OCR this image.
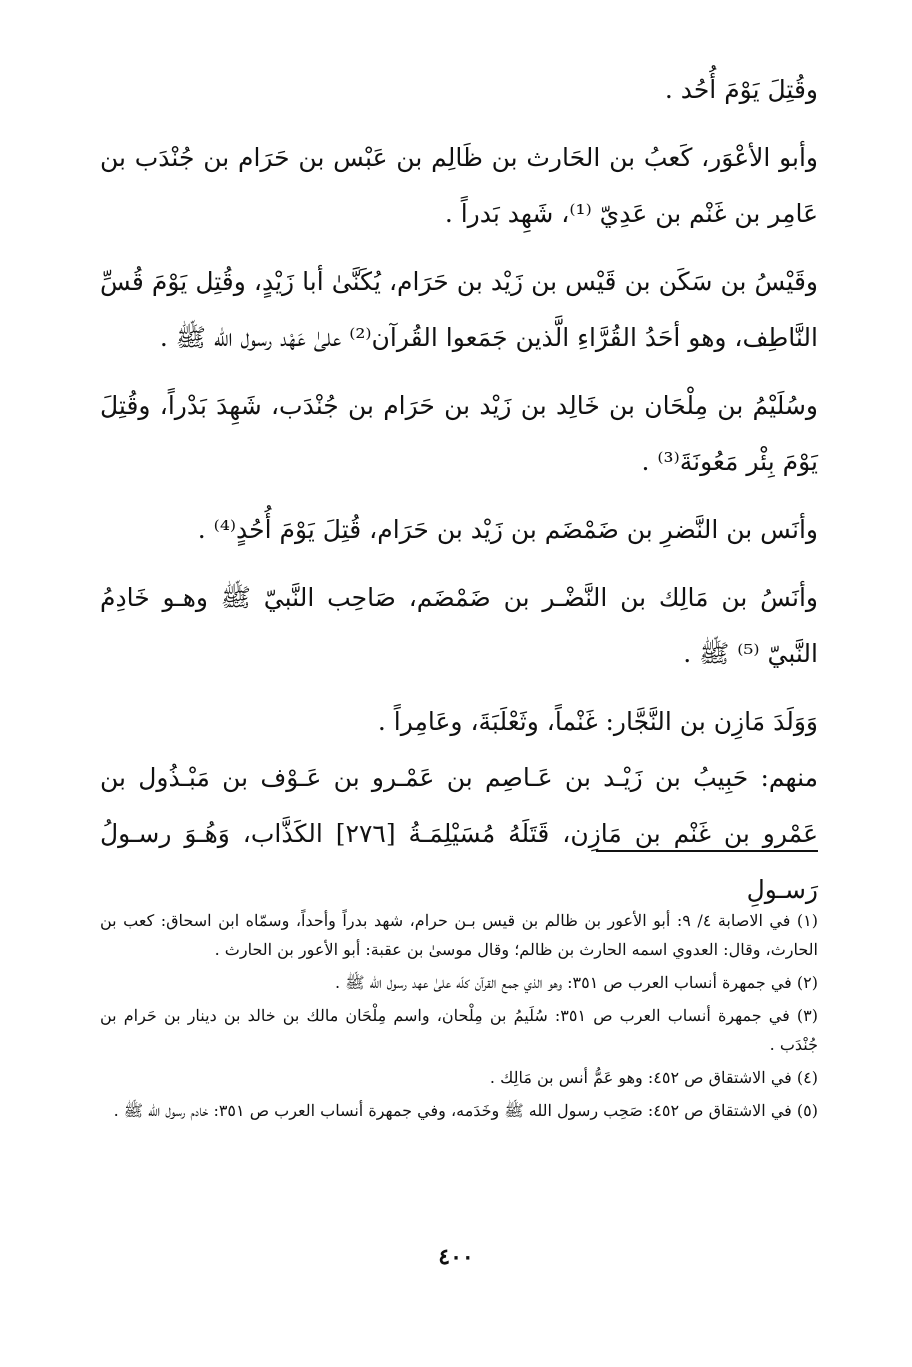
وقُتِلَ يَوْمَ أُحُد .

وأبو الأعْوَر، كَعبُ بن الحَارث بن ظَالِم بن عَبْس بن حَرَام بن جُنْدَب بن عَامِر بن غَنْم بن عَدِيّ ⁽¹⁾، شَهِد بَدراً .

وقَيْسُ بن سَكَن بن قَيْس بن زَيْد بن حَرَام، يُكَنَّىٰ أبا زَيْدٍ، وقُتِل يَوْمَ قُسِّ النَّاطِف، وهو أحَدُ القُرَّاءِ الَّذين جَمَعوا القُرآن⁽²⁾ علىٰ عَهْد رسول الله ﷺ .

وسُلَيْمُ بن مِلْحَان بن خَالِد بن زَيْد بن حَرَام بن جُنْدَب، شَهِدَ بَدْراً، وقُتِلَ يَوْمَ بِئْر مَعُونَةَ⁽³⁾ .

وأنَس بن النَّضرِ بن ضَمْضَم بن زَيْد بن حَرَام، قُتِلَ يَوْمَ أُحُدٍ⁽⁴⁾ .

وأنَسُ بن مَالِك بن النَّضْـر بن ضَمْضَم، صَاحِب النَّبيّ ﷺ وهـو خَادِمُ النَّبيّ ⁽⁵⁾ ﷺ .

وَوَلَدَ مَازِن بن النَّجَّار: غَنْماً، وثَعْلَبَةَ، وعَامِراً .

منهم: حَبِيبُ بن زَيْـد بن عَـاصِم بن عَمْـرو بن عَـوْف بن مَبْـذُول بن عَمْرو بن غَنْم بن مَازِن، قَتَلَهُ مُسَيْلِمَـةُ [٢٧٦] الكَذَّاب، وَهُـوَ رسـولُ رَسـولِ

(١) في الاصابة ٤/ ٩: أبو الأعور بن ظالم بن قيس بـن حرام، شهد بدراً وأحداً، وسمّاه ابن اسحاق: كعب بن الحارث، وقال: العدوي اسمه الحارث بن ظالم؛ وقال موسىٰ بن عقبة: أبو الأعور بن الحارث .

(٢) في جمهرة أنساب العرب ص ٣٥١: وهو الذي جمع القرآن كلّه علىٰ عهد رسول الله ﷺ .

(٣) في جمهرة أنساب العرب ص ٣٥١: سُلَيمُ بن مِلْحان، واسم مِلْحَان مالك بن خالد بن دينار بن حَرام بن جُنْدَب .

(٤) في الاشتقاق ص ٤٥٢: وهو عَمُّ أنس بن مَالِك .

(٥) في الاشتقاق ص ٤٥٢: صَحِب رسول الله ﷺ وخَدَمه، وفي جمهرة أنساب العرب ص ٣٥١: خادم رسول الله ﷺ .

٤٠٠
